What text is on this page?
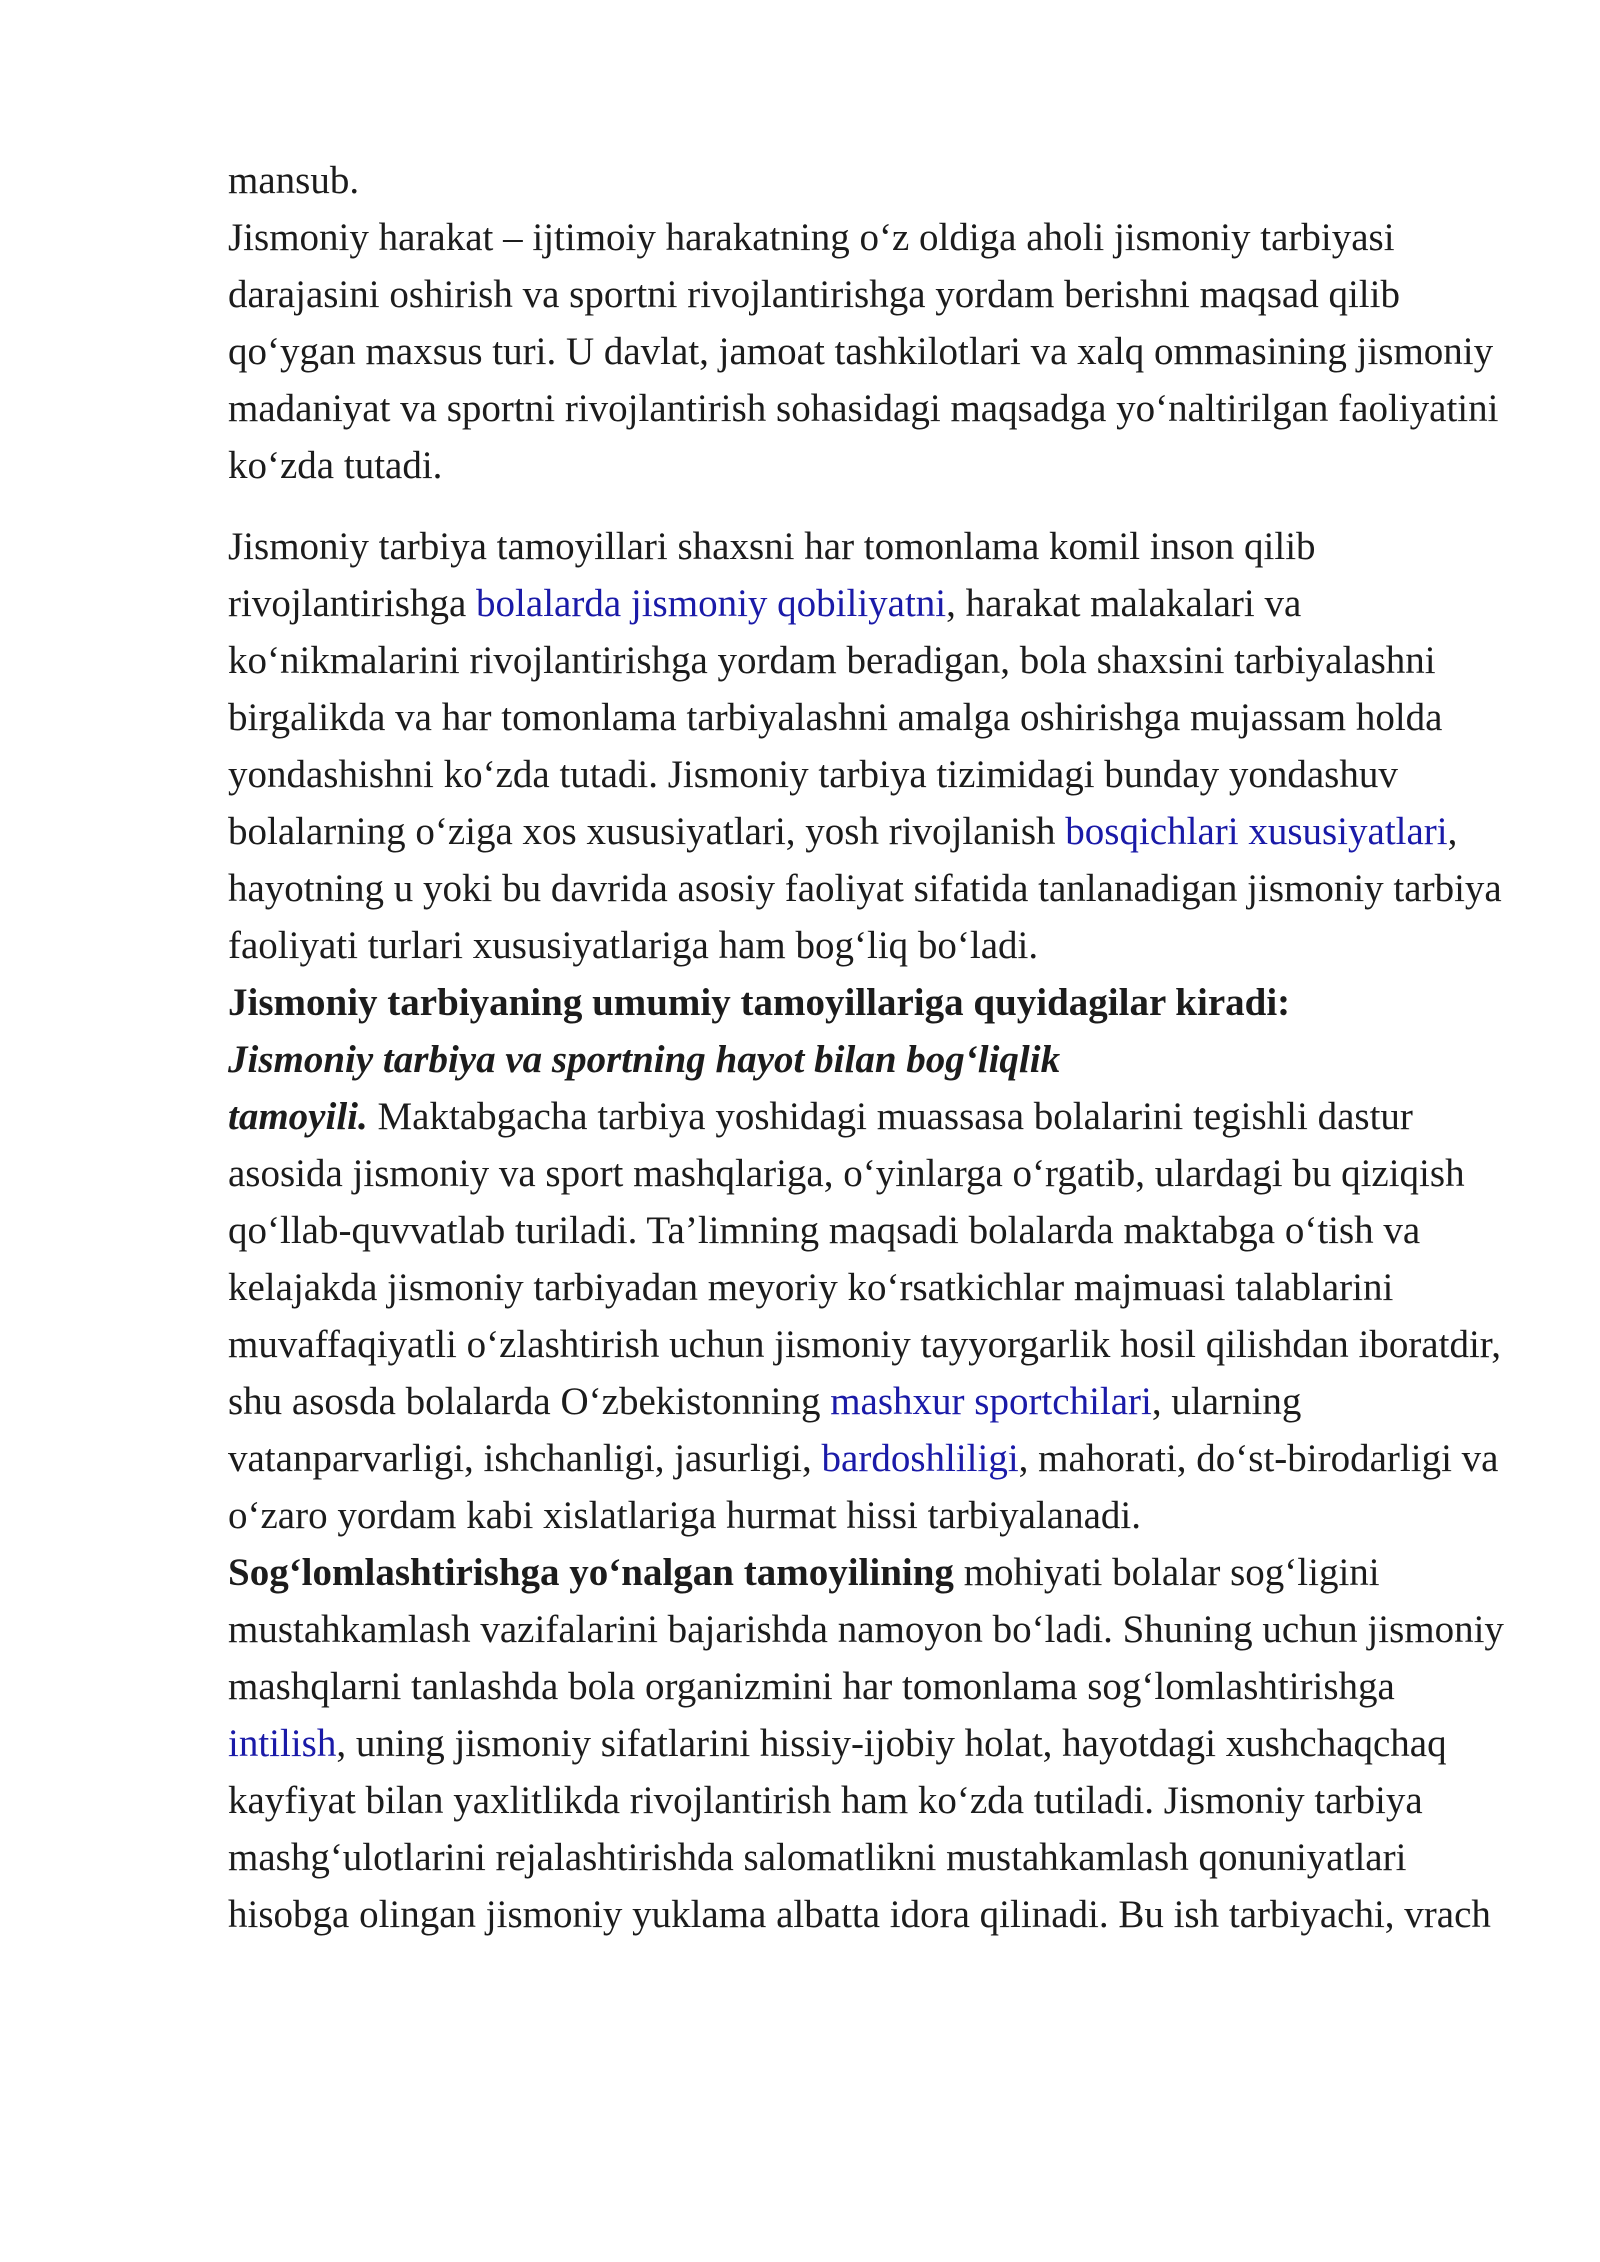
mansub.

Jismoniy harakat – ijtimoiy harakatning o‘z oldiga aholi jismoniy tarbiyasi darajasini oshirish va sportni rivojlantirishga yordam berishni maqsad qilib qo‘ygan maxsus turi. U davlat, jamoat tashkilotlari va xalq ommasining jismoniy madaniyat va sportni rivojlantirish sohasidagi maqsadga yo‘naltirilgan faoliyatini ko‘zda tutadi.

Jismoniy tarbiya tamoyillari shaxsni har tomonlama komil inson qilib rivojlantirishga bolalarda jismoniy qobiliyatni, harakat malakalari va ko‘nikmalarini rivojlantirishga yordam beradigan, bola shaxsini tarbiyalashni birgalikda va har tomonlama tarbiyalashni amalga oshirishga mujassam holda yondashishni ko‘zda tutadi. Jismoniy tarbiya tizimidagi bunday yondashuv bolalarning o‘ziga xos xususiyatlari, yosh rivojlanish bosqichlari xususiyatlari, hayotning u yoki bu davrida asosiy faoliyat sifatida tanlanadigan jismoniy tarbiya faoliyati turlari xususiyatlariga ham bog‘liq bo‘ladi.

Jismoniy tarbiyaning umumiy tamoyillariga quyidagilar kiradi:

Jismoniy tarbiya va sportning hayot bilan bog‘liqlik
tamoyili. Maktabgacha tarbiya yoshidagi muassasa bolalarini tegishli dastur asosida jismoniy va sport mashqlariga, o‘yinlarga o‘rgatib, ulardagi bu qiziqish qo‘llab-quvvatlab turiladi. Ta’limning maqsadi bolalarda maktabga o‘tish va kelajakda jismoniy tarbiyadan meyoriy ko‘rsatkichlar majmuasi talablarini muvaffaqiyatli o‘zlashtirish uchun jismoniy tayyorgarlik hosil qilishdan iboratdir, shu asosda bolalarda O‘zbekistonning mashxur sportchilari, ularning vatanparvarligi, ishchanligi, jasurligi, bardoshliligi, mahorati, do‘st-birodarligi va o‘zaro yordam kabi xislatlariga hurmat hissi tarbiyalanadi.

Sog‘lomlashtirishga yo‘nalgan tamoyilining mohiyati bolalar sog‘ligini mustahkamlash vazifalarini bajarishda namoyon bo‘ladi. Shuning uchun jismoniy mashqlarni tanlashda bola organizmini har tomonlama sog‘lomlashtirishga intilish, uning jismoniy sifatlarini hissiy-ijobiy holat, hayotdagi xushchaqchaq kayfiyat bilan yaxlitlikda rivojlantirish ham ko‘zda tutiladi. Jismoniy tarbiya mashg‘ulotlarini rejalashtirishda salomatlikni mustahkamlash qonuniyatlari hisobga olingan jismoniy yuklama albatta idora qilinadi. Bu ish tarbiyachi, vrach
